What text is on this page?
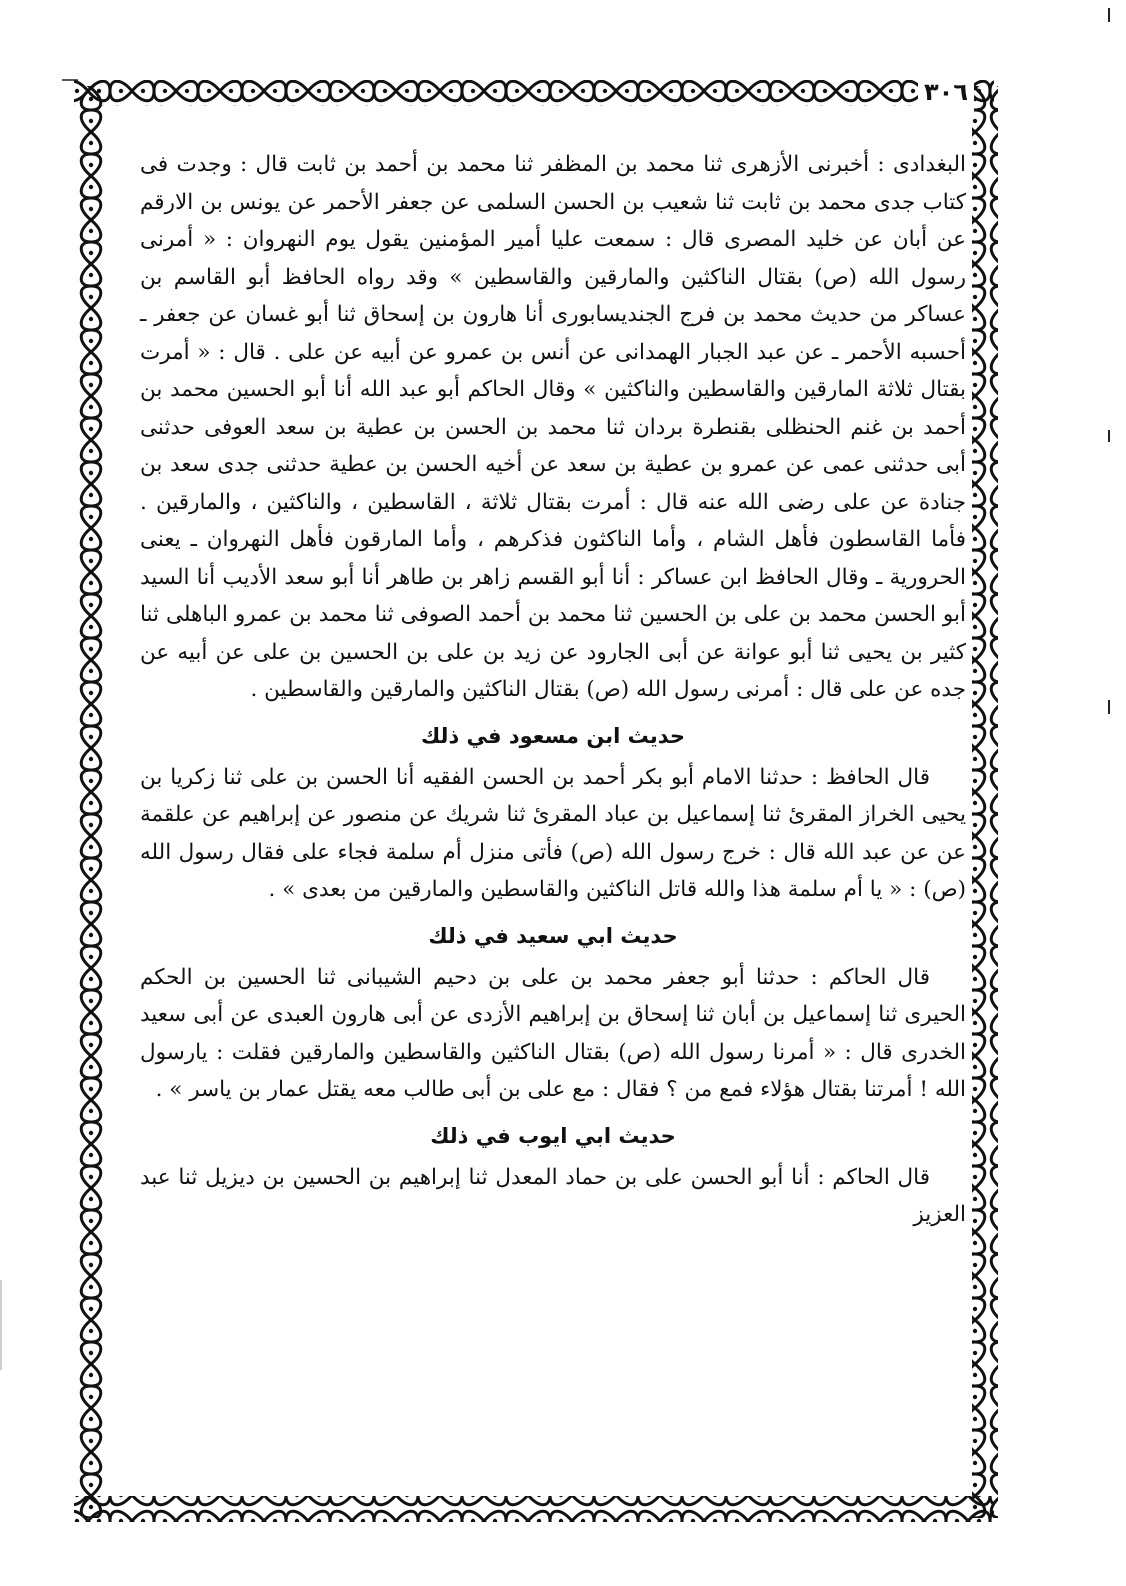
٣٠٦

البغدادى : أخبرنى الأزهرى ثنا محمد بن المظفر ثنا محمد بن أحمد بن ثابت قال : وجدت فى كتاب جدى محمد بن ثابت ثنا شعيب بن الحسن السلمى عن جعفر الأحمر عن يونس بن الارقم عن أبان عن خليد المصرى قال : سمعت عليا أمير المؤمنين يقول يوم النهروان : « أمرنى رسول الله (ص) بقتال الناكثين والمارقين والقاسطين » وقد رواه الحافظ أبو القاسم بن عساكر من حديث محمد بن فرج الجنديسابورى أنا هارون بن إسحاق ثنا أبو غسان عن جعفر ـ أحسبه الأحمر ـ عن عبد الجبار الهمدانى عن أنس بن عمرو عن أبيه عن على . قال : « أمرت بقتال ثلاثة المارقين والقاسطين والناكثين » وقال الحاكم أبو عبد الله أنا أبو الحسين محمد بن أحمد بن غنم الحنظلى بقنطرة بردان ثنا محمد بن الحسن بن عطية بن سعد العوفى حدثنى أبى حدثنى عمى عن عمرو بن عطية بن سعد عن أخيه الحسن بن عطية حدثنى جدى سعد بن جنادة عن على رضى الله عنه قال : أمرت بقتال ثلاثة ، القاسطين ، والناكثين ، والمارقين . فأما القاسطون فأهل الشام ، وأما الناكثون فذكرهم ، وأما المارقون فأهل النهروان ـ يعنى الحرورية ـ وقال الحافظ ابن عساكر : أنا أبو القسم زاهر بن طاهر أنا أبو سعد الأديب أنا السيد أبو الحسن محمد بن على بن الحسين ثنا محمد بن أحمد الصوفى ثنا محمد بن عمرو الباهلى ثنا كثير بن يحيى ثنا أبو عوانة عن أبى الجارود عن زيد بن على بن الحسين بن على عن أبيه عن جده عن على قال : أمرنى رسول الله (ص) بقتال الناكثين والمارقين والقاسطين .

حديث ابن مسعود في ذلك

قال الحافظ : حدثنا الامام أبو بكر أحمد بن الحسن الفقيه أنا الحسن بن على ثنا زكريا بن يحيى الخراز المقرئ ثنا إسماعيل بن عباد المقرئ ثنا شريك عن منصور عن إبراهيم عن علقمة عن عن عبد الله قال : خرج رسول الله (ص) فأتى منزل أم سلمة فجاء على فقال رسول الله (ص) : « يا أم سلمة هذا والله قاتل الناكثين والقاسطين والمارقين من بعدى » .

حديث ابي سعيد في ذلك

قال الحاكم : حدثنا أبو جعفر محمد بن على بن دحيم الشيبانى ثنا الحسين بن الحكم الحيرى ثنا إسماعيل بن أبان ثنا إسحاق بن إبراهيم الأزدى عن أبى هارون العبدى عن أبى سعيد الخدرى قال : « أمرنا رسول الله (ص) بقتال الناكثين والقاسطين والمارقين فقلت : يارسول الله ! أمرتنا بقتال هؤلاء فمع من ؟ فقال : مع على بن أبى طالب معه يقتل عمار بن ياسر » .

حديث ابي ايوب في ذلك

قال الحاكم : أنا أبو الحسن على بن حماد المعدل ثنا إبراهيم بن الحسين بن ديزيل ثنا عبد العزيز
